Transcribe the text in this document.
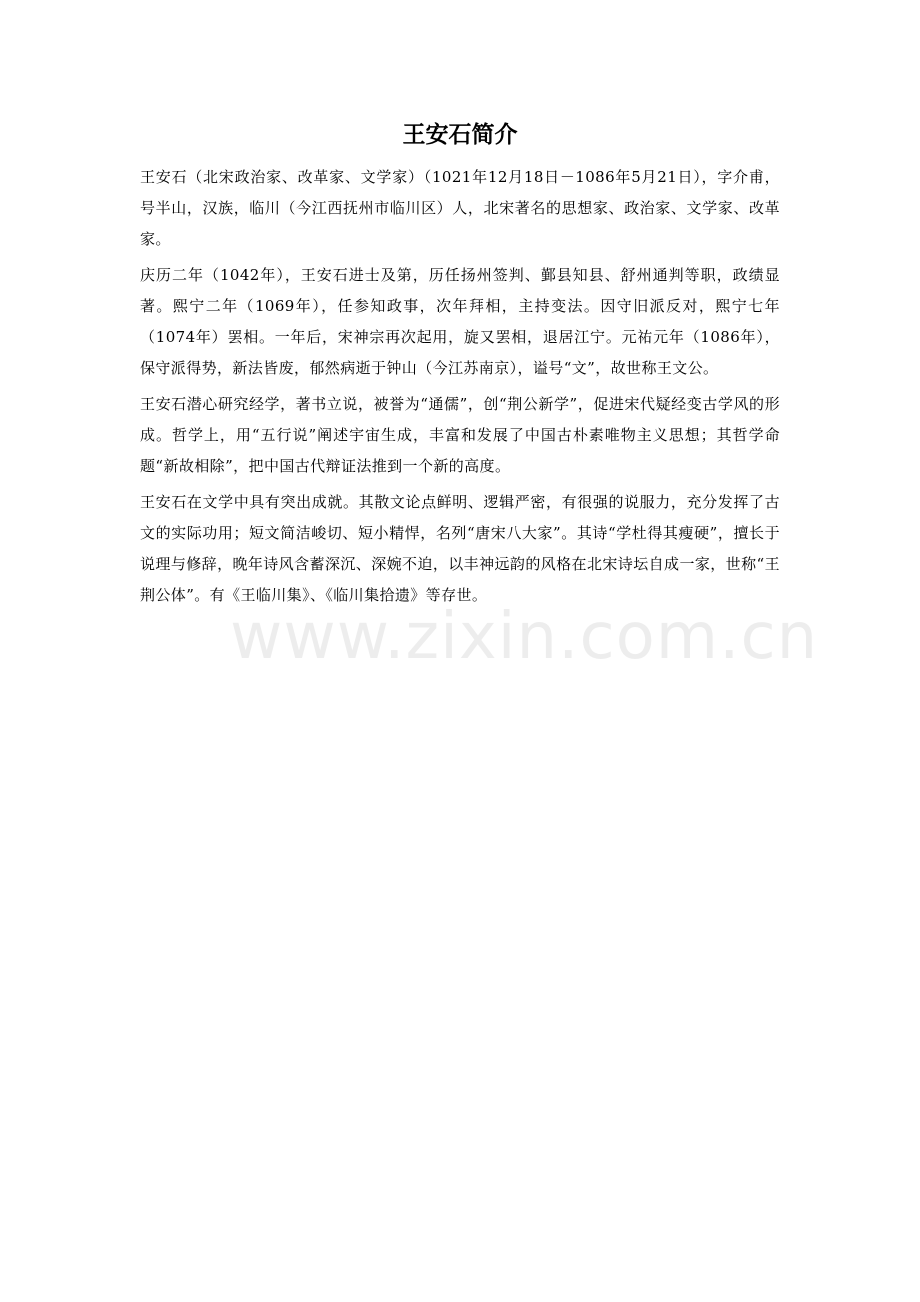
王安石简介

王安石（北宋政治家、改革家、文学家）（1021年12月18日－1086年5月21日），字介甫，号半山，汉族，临川（今江西抚州市临川区）人，北宋著名的思想家、政治家、文学家、改革家。

庆历二年（1042年），王安石进士及第，历任扬州签判、鄞县知县、舒州通判等职，政绩显著。熙宁二年（1069年），任参知政事，次年拜相，主持变法。因守旧派反对，熙宁七年（1074年）罢相。一年后，宋神宗再次起用，旋又罢相，退居江宁。元祐元年（1086年），保守派得势，新法皆废，郁然病逝于钟山（今江苏南京），谥号“文”，故世称王文公。

王安石潜心研究经学，著书立说，被誉为“通儒”，创“荆公新学”，促进宋代疑经变古学风的形成。哲学上，用“五行说”阐述宇宙生成，丰富和发展了中国古朴素唯物主义思想；其哲学命题“新故相除”，把中国古代辩证法推到一个新的高度。

王安石在文学中具有突出成就。其散文论点鲜明、逻辑严密，有很强的说服力，充分发挥了古文的实际功用；短文简洁峻切、短小精悍，名列“唐宋八大家”。其诗“学杜得其瘦硬”，擅长于说理与修辞，晚年诗风含蓄深沉、深婉不迫，以丰神远韵的风格在北宋诗坛自成一家，世称“王荆公体”。有《王临川集》、《临川集拾遗》等存世。

www.zixin.com.cn
